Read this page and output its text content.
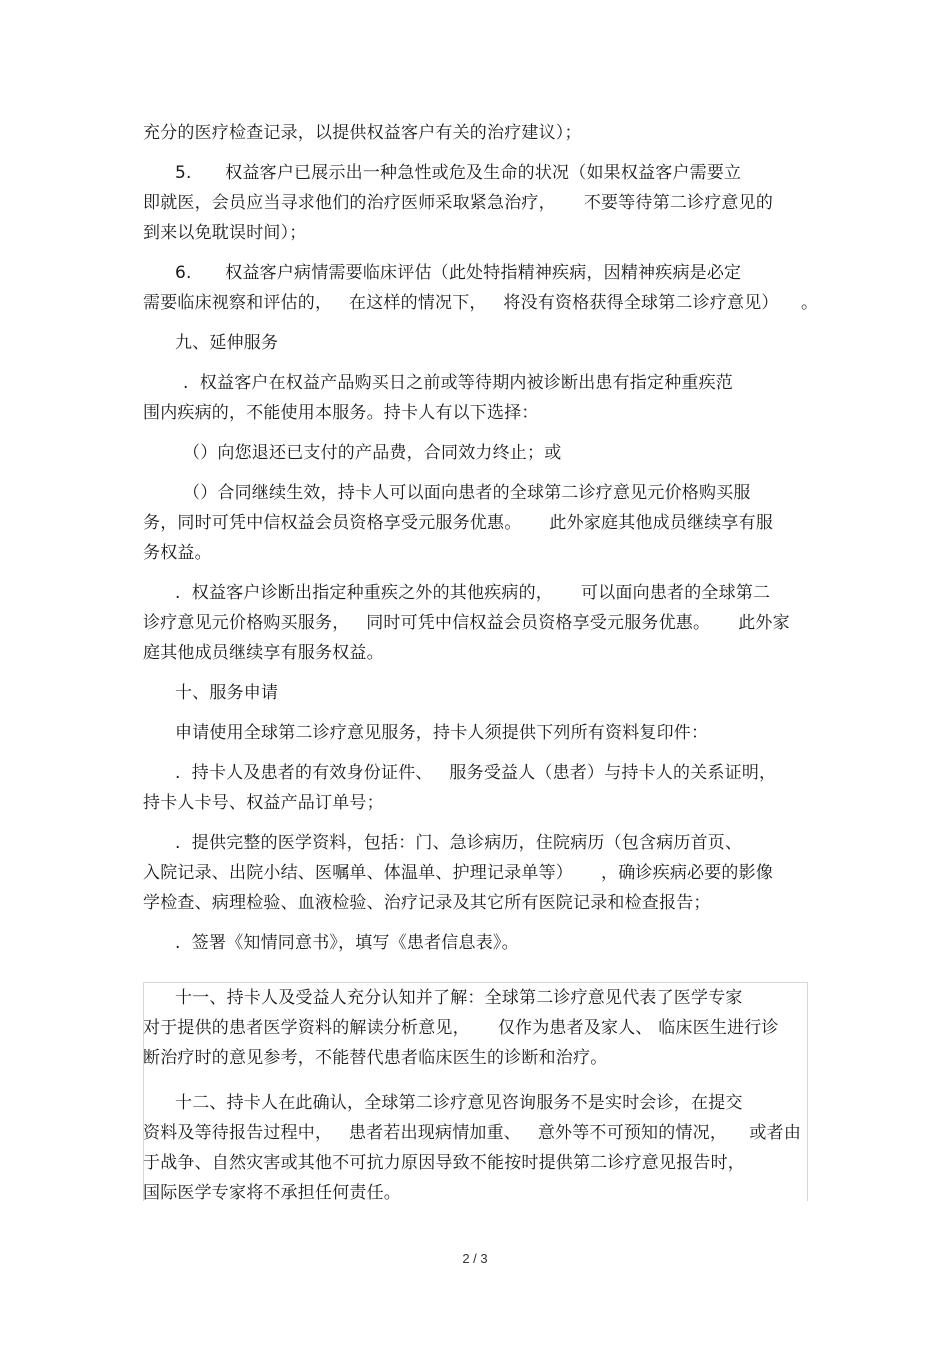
充分的医疗检查记录，以提供权益客户有关的治疗建议）；
5.      权益客户已展示出一种急性或危及生命的状况（如果权益客户需要立
即就医，会员应当寻求他们的治疗医师采取紧急治疗，     不要等待第二诊疗意见的
到来以免耽误时间）；
6.      权益客户病情需要临床评估（此处特指精神疾病，因精神疾病是必定
需要临床视察和评估的，   在这样的情况下，   将没有资格获得全球第二诊疗意见）    。
九、延伸服务
.  权益客户在权益产品购买日之前或等待期内被诊断出患有指定种重疾范
围内疾病的，不能使用本服务。持卡人有以下选择：
（）向您退还已支付的产品费，合同效力终止；或
（）合同继续生效，持卡人可以面向患者的全球第二诊疗意见元价格购买服
务，同时可凭中信权益会员资格享受元服务优惠。     此外家庭其他成员继续享有服
务权益。
.  权益客户诊断出指定种重疾之外的其他疾病的，     可以面向患者的全球第二
诊疗意见元价格购买服务，   同时可凭中信权益会员资格享受元服务优惠。     此外家
庭其他成员继续享有服务权益。
十、服务申请
申请使用全球第二诊疗意见服务，持卡人须提供下列所有资料复印件：
.  持卡人及患者的有效身份证件、   服务受益人（患者）与持卡人的关系证明，
持卡人卡号、权益产品订单号；
.  提供完整的医学资料，包括：门、急诊病历，住院病历（包含病历首页、
入院记录、出院小结、医嘱单、体温单、护理记录单等）     ，确诊疾病必要的影像
学检查、病理检验、血液检验、治疗记录及其它所有医院记录和检查报告；
.  签署《知情同意书》，填写《患者信息表》。
十一、持卡人及受益人充分认知并了解：全球第二诊疗意见代表了医学专家
对于提供的患者医学资料的解读分析意见，     仅作为患者及家人、 临床医生进行诊
断治疗时的意见参考，不能替代患者临床医生的诊断和治疗。
十二、持卡人在此确认，全球第二诊疗意见咨询服务不是实时会诊，在提交
资料及等待报告过程中，   患者若出现病情加重、   意外等不可预知的情况，    或者由
于战争、自然灾害或其他不可抗力原因导致不能按时提供第二诊疗意见报告时，
国际医学专家将不承担任何责任。
2 / 3
